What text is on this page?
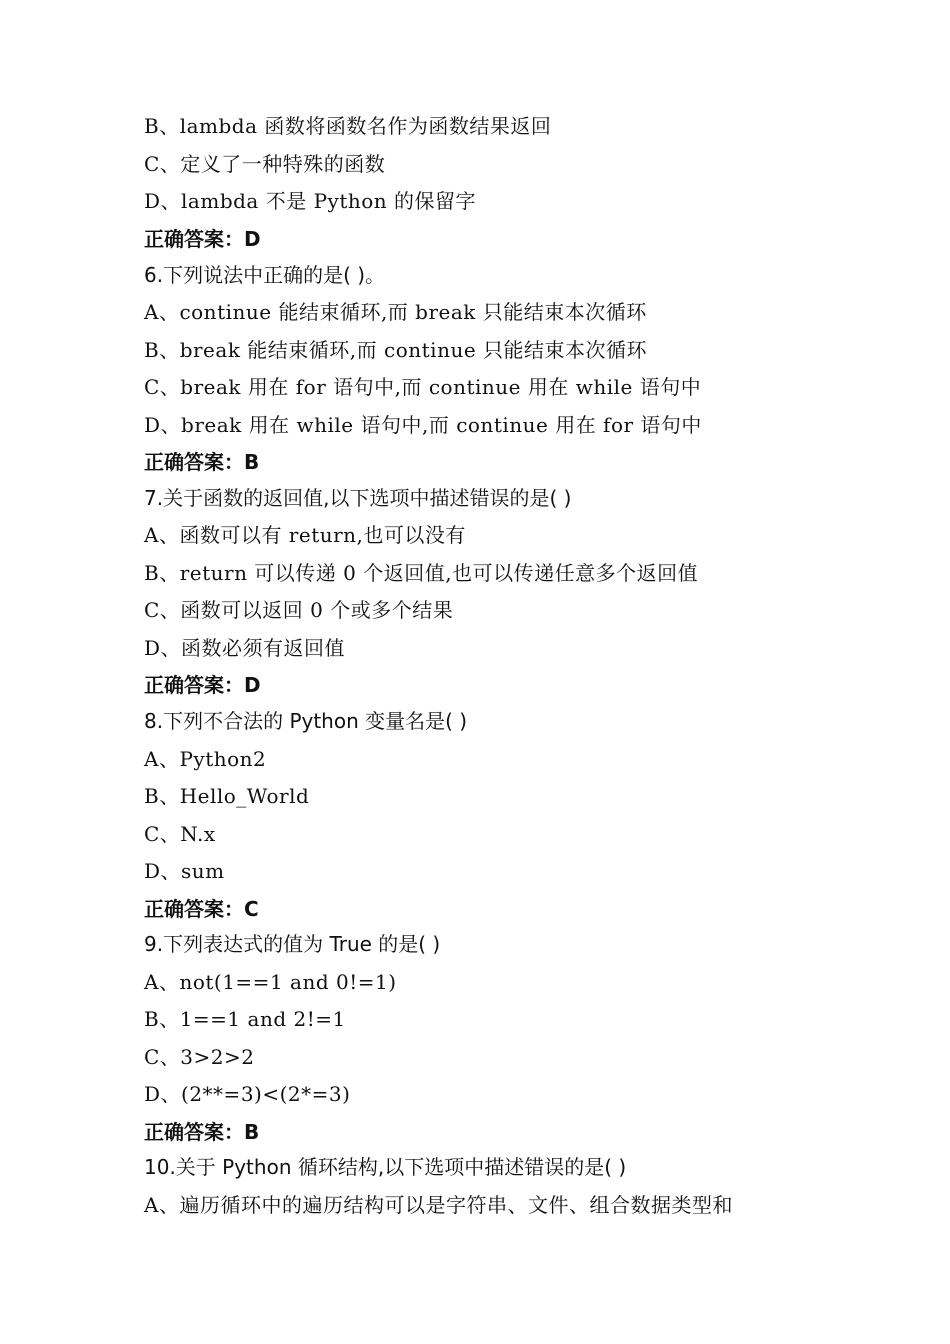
B、lambda 函数将函数名作为函数结果返回
C、定义了一种特殊的函数
D、lambda 不是 Python 的保留字
正确答案：D
6.下列说法中正确的是( )。
A、continue 能结束循环,而 break 只能结束本次循环
B、break 能结束循环,而 continue 只能结束本次循环
C、break 用在 for 语句中,而 continue 用在 while 语句中
D、break 用在 while 语句中,而 continue 用在 for 语句中
正确答案：B
7.关于函数的返回值,以下选项中描述错误的是( )
A、函数可以有 return,也可以没有
B、return 可以传递 0 个返回值,也可以传递任意多个返回值
C、函数可以返回 0 个或多个结果
D、函数必须有返回值
正确答案：D
8.下列不合法的 Python 变量名是( )
A、Python2
B、Hello_World
C、N.x
D、sum
正确答案：C
9.下列表达式的值为 True 的是( )
A、not(1==1 and 0!=1)
B、1==1 and 2!=1
C、3>2>2
D、(2**=3)<(2*=3)
正确答案：B
10.关于 Python 循环结构,以下选项中描述错误的是( )
A、遍历循环中的遍历结构可以是字符串、文件、组合数据类型和
